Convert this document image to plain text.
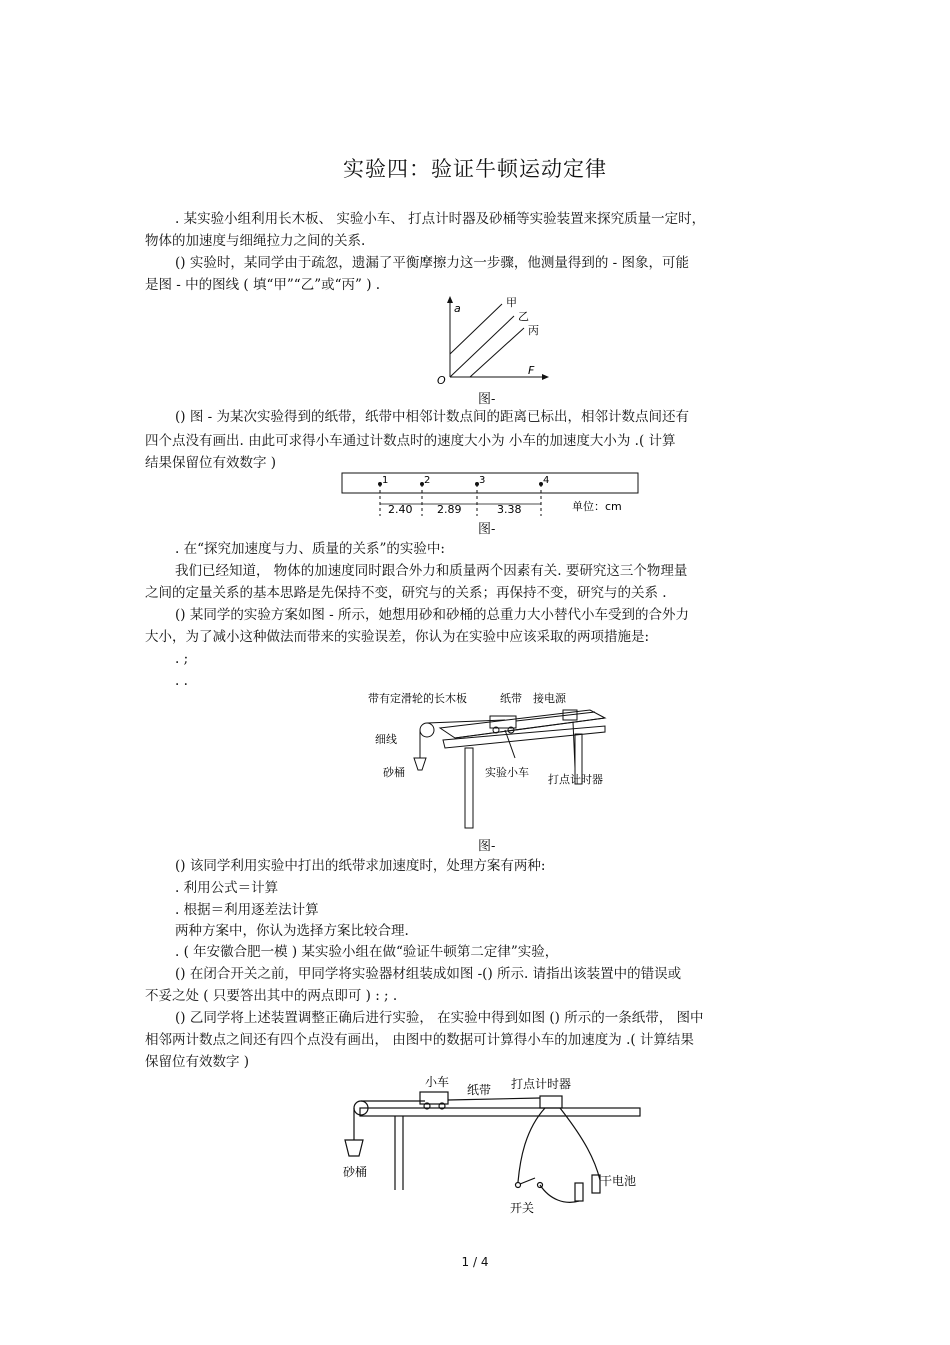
实验四：验证牛顿运动定律
. 某实验小组利用长木板、 实验小车、 打点计时器及砂桶等实验装置来探究质量一定时，
物体的加速度与细绳拉力之间的关系.
() 实验时，某同学由于疏忽，遗漏了平衡摩擦力这一步骤，他测量得到的 - 图象，可能
是图 - 中的图线 ( 填“甲”“乙”或“丙” ) .
a
F
O
甲
乙
丙
图-
() 图 - 为某次实验得到的纸带，纸带中相邻计数点间的距离已标出，相邻计数点间还有
四个点没有画出. 由此可求得小车通过计数点时的速度大小为 小车的加速度大小为 .( 计算
结果保留位有效数字 )
1	2	3	4
2.40 2.89	3.38	单位：cm
图-
. 在“探究加速度与力、质量的关系”的实验中:
我们已经知道， 物体的加速度同时跟合外力和质量两个因素有关. 要研究这三个物理量
之间的定量关系的基本思路是先保持不变，研究与的关系；再保持不变，研究与的关系 .
() 某同学的实验方案如图 - 所示，她想用砂和砂桶的总重力大小替代小车受到的合外力
大小，为了减小这种做法而带来的实验误差，你认为在实验中应该采取的两项措施是:
. ;
. .
带有定滑轮的长木板	纸带 接电源
细线
砂桶	实验小车
打点计时器
图-
() 该同学利用实验中打出的纸带求加速度时，处理方案有两种:
. 利用公式＝计算
. 根据＝利用逐差法计算
两种方案中，你认为选择方案比较合理.
. ( 年安徽合肥一模 ) 某实验小组在做“验证牛顿第二定律”实验，
() 在闭合开关之前，甲同学将实验器材组装成如图 -() 所示. 请指出该装置中的错误或
不妥之处 ( 只要答出其中的两点即可 ) : ; .
() 乙同学将上述装置调整正确后进行实验， 在实验中得到如图 () 所示的一条纸带， 图中
相邻两计数点之间还有四个点没有画出， 由图中的数据可计算得小车的加速度为 .( 计算结果
保留位有效数字 )
小车
纸带 打点计时器
砂桶
干电池
开关
1 / 4
